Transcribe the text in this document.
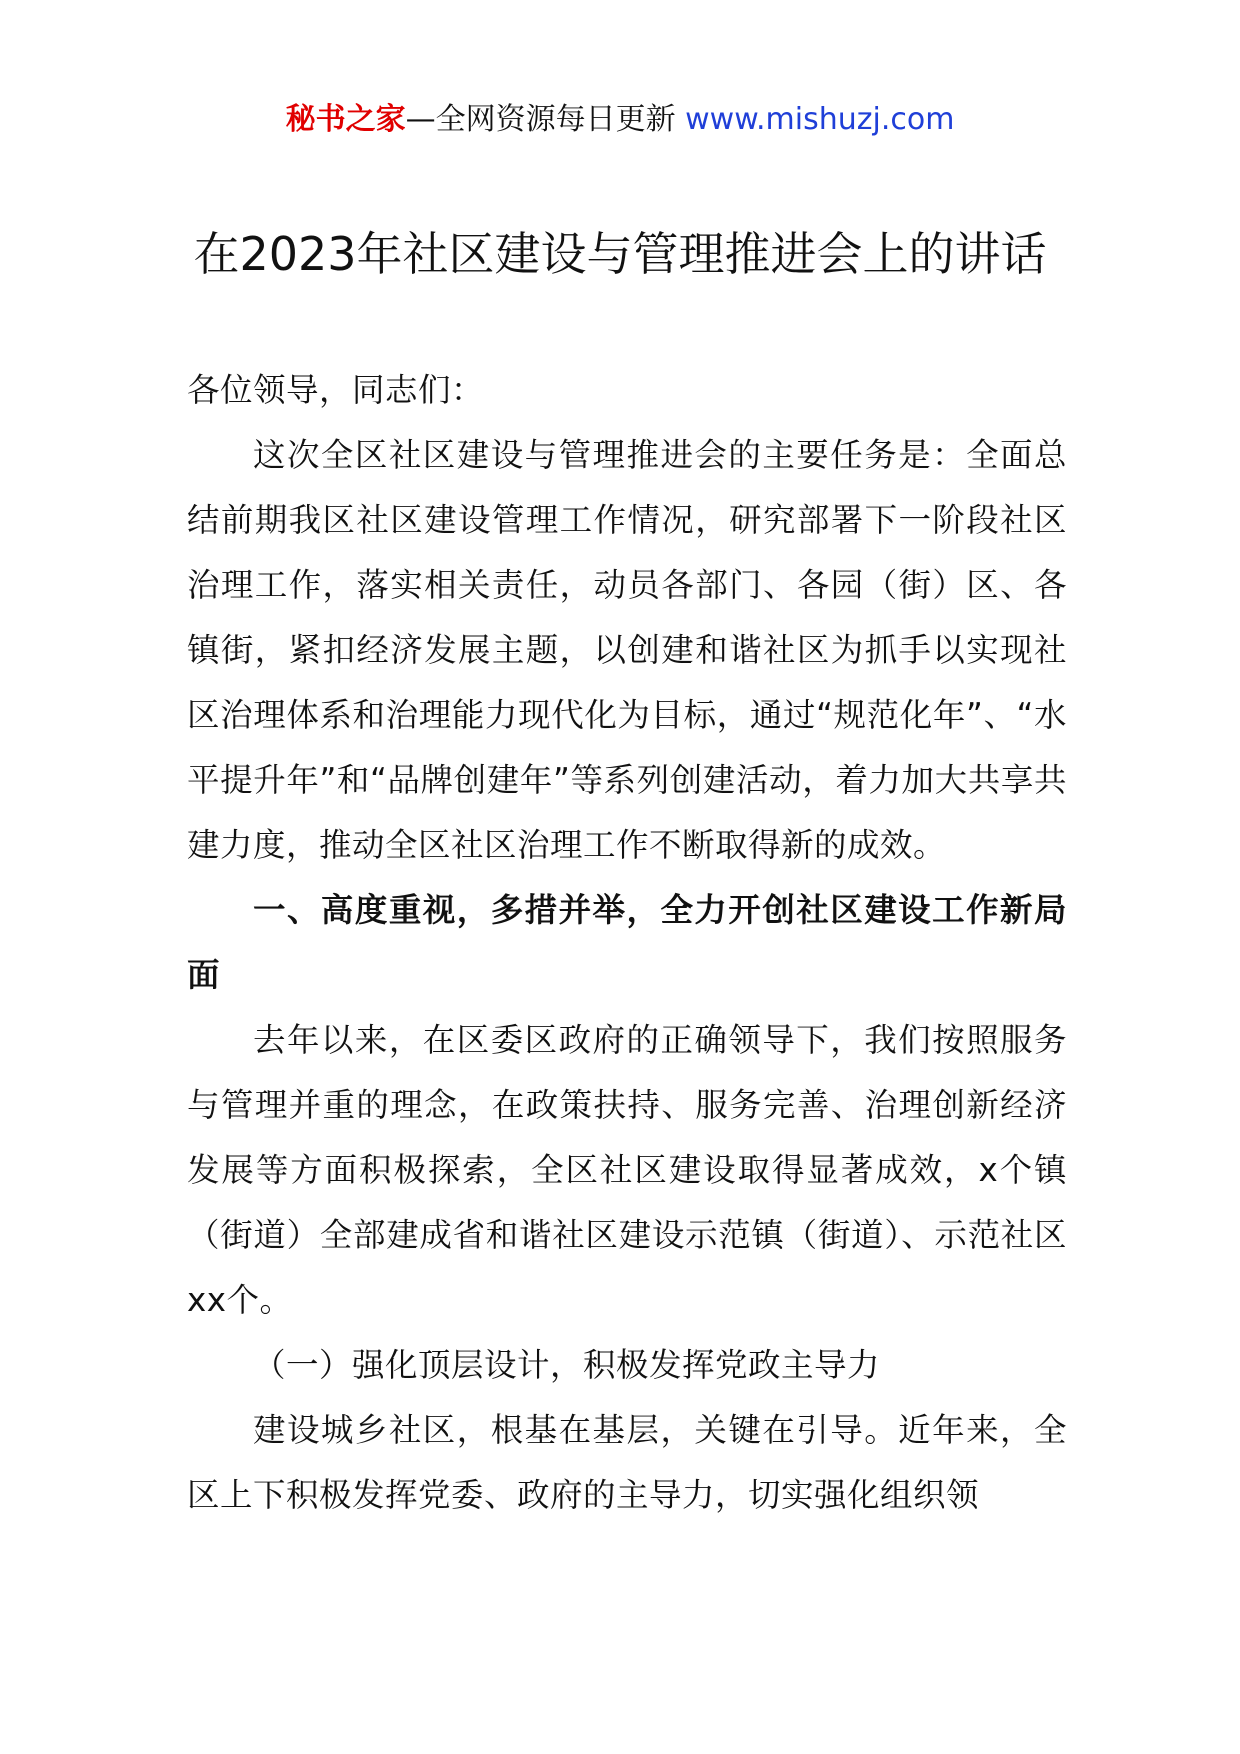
秘书之家—全网资源每日更新 www.mishuzj.com
在2023年社区建设与管理推进会上的讲话

各位领导，同志们：

这次全区社区建设与管理推进会的主要任务是：全面总结前期我区社区建设管理工作情况，研究部署下一阶段社区治理工作，落实相关责任，动员各部门、各园（街）区、各镇街，紧扣经济发展主题，以创建和谐社区为抓手以实现社区治理体系和治理能力现代化为目标，通过“规范化年”、“水平提升年”和“品牌创建年”等系列创建活动，着力加大共享共建力度，推动全区社区治理工作不断取得新的成效。

一、高度重视，多措并举，全力开创社区建设工作新局面

去年以来，在区委区政府的正确领导下，我们按照服务与管理并重的理念，在政策扶持、服务完善、治理创新经济发展等方面积极探索，全区社区建设取得显著成效，x个镇（街道）全部建成省和谐社区建设示范镇（街道）、示范社区xx个。

（一）强化顶层设计，积极发挥党政主导力

建设城乡社区，根基在基层，关键在引导。近年来，全区上下积极发挥党委、政府的主导力，切实强化组织领
